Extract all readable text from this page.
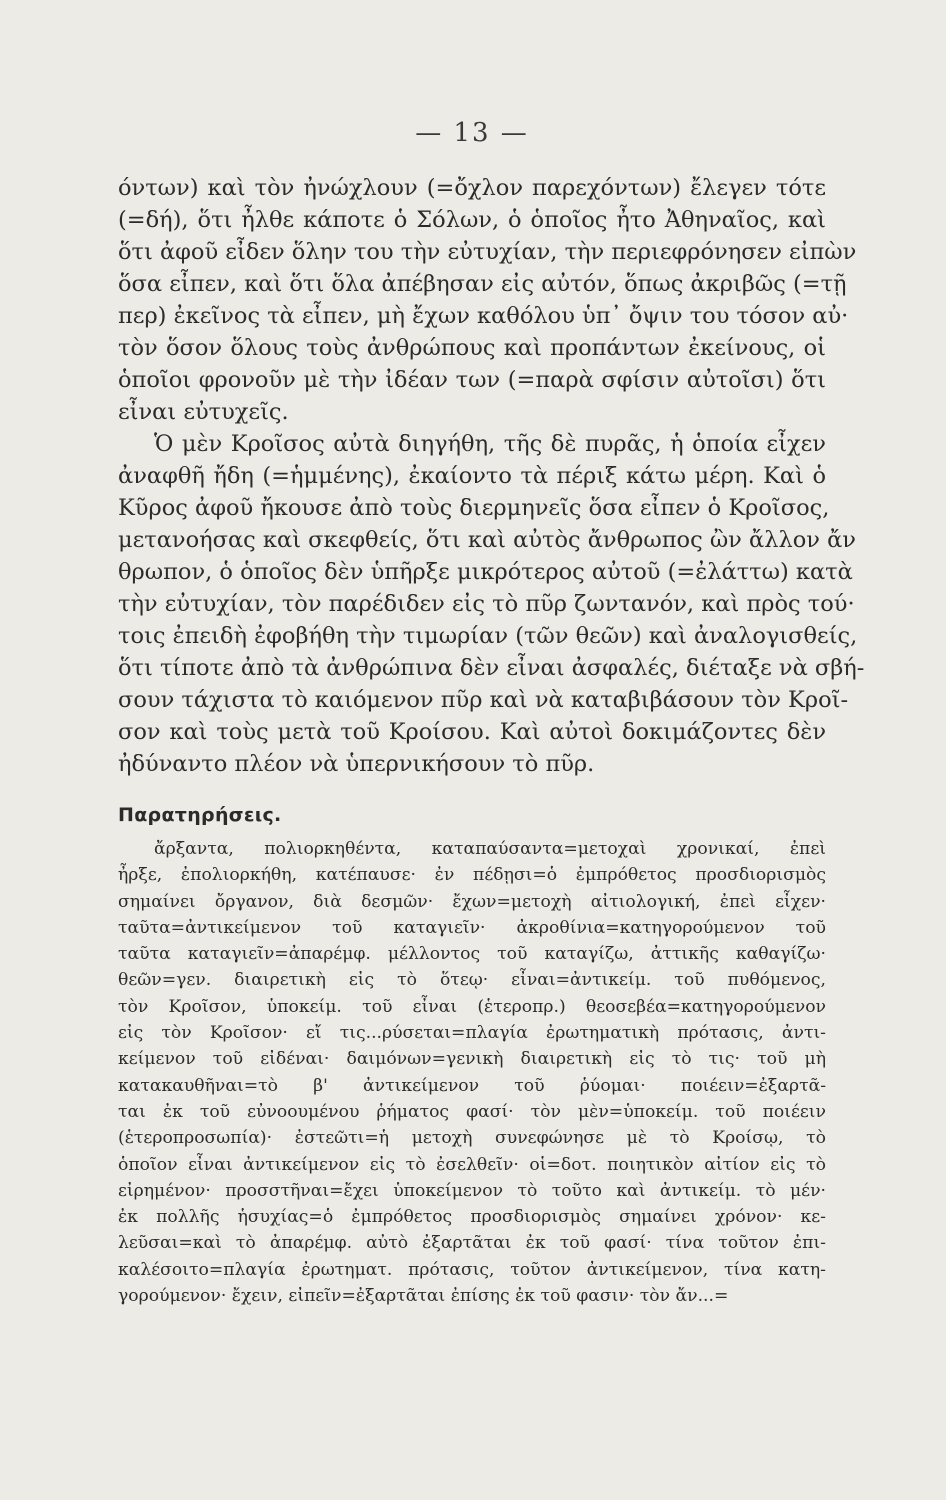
— 13 —
όντων) καὶ τὸν ἠνώχλουν (=ὄχλον παρεχόντων) ἔλεγεν τότε
(=δή), ὅτι ἦλθε κάποτε ὁ Σόλων, ὁ ὁποῖος ἦτο Ἀθηναῖος, καὶ
ὅτι ἀφοῦ εἶδεν ὅλην του τὴν εὐτυχίαν, τὴν περιεφρόνησεν εἰπὼν
ὅσα εἶπεν, καὶ ὅτι ὅλα ἀπέβησαν εἰς αὐτόν, ὅπως ἀκριβῶς (=τῇ
περ) ἐκεῖνος τὰ εἶπεν, μὴ ἔχων καθόλου ὑπ᾽ ὄψιν του τόσον αὐ·
τὸν ὅσον ὅλους τοὺς ἀνθρώπους καὶ προπάντων ἐκείνους, οἱ
ὁποῖοι φρονοῦν μὲ τὴν ἰδέαν των (=παρὰ σφίσιν αὐτοῖσι) ὅτι
εἶναι εὐτυχεῖς.
Ὁ μὲν Κροῖσος αὐτὰ διηγήθη, τῆς δὲ πυρᾶς, ἡ ὁποία εἶχεν
ἀναφθῆ ἤδη (=ἡμμένης), ἐκαίοντο τὰ πέριξ κάτω μέρη. Καὶ ὁ
Κῦρος ἀφοῦ ἤκουσε ἀπὸ τοὺς διερμηνεῖς ὅσα εἶπεν ὁ Κροῖσος,
μετανοήσας καὶ σκεφθείς, ὅτι καὶ αὐτὸς ἄνθρωπος ὢν ἄλλον ἄν
θρωπον, ὁ ὁποῖος δὲν ὑπῆρξε μικρότερος αὐτοῦ (=ἐλάττω) κατὰ
τὴν εὐτυχίαν, τὸν παρέδιδεν εἰς τὸ πῦρ ζωντανόν, καὶ πρὸς τού·
τοις ἐπειδὴ ἐφοβήθη τὴν τιμωρίαν (τῶν θεῶν) καὶ ἀναλογισθείς,
ὅτι τίποτε ἀπὸ τὰ ἀνθρώπινα δὲν εἶναι ἀσφαλές, διέταξε νὰ σβή-
σουν τάχιστα τὸ καιόμενον πῦρ καὶ νὰ καταβιβάσουν τὸν Κροῖ-
σον καὶ τοὺς μετὰ τοῦ Κροίσου. Καὶ αὐτοὶ δοκιμάζοντες δὲν
ἠδύναντο πλέον νὰ ὑπερνικήσουν τὸ πῦρ.
Παρατηρήσεις.
ἄρξαντα, πολιορκηθέντα, καταπαύσαντα=μετοχαὶ χρονικαί, ἐπεὶ
ἦρξε, ἐπολιορκήθη, κατέπαυσε· ἐν πέδῃσι=ὁ ἐμπρόθετος προσδιορισμὸς
σημαίνει ὄργανον, διὰ δεσμῶν· ἔχων=μετοχὴ αἰτιολογική, ἐπεὶ εἶχεν·
ταῦτα=ἀντικείμενον τοῦ καταγιεῖν· ἀκροθίνια=κατηγορούμενον τοῦ
ταῦτα καταγιεῖν=ἀπαρέμφ. μέλλοντος τοῦ καταγίζω, ἀττικῆς καθαγίζω·
θεῶν=γεν. διαιρετικὴ εἰς τὸ ὅτεῳ· εἶναι=ἀντικείμ. τοῦ πυθόμενος,
τὸν Κροῖσον, ὑποκείμ. τοῦ εἶναι (ἑτεροπρ.) θεοσεβέα=κατηγορούμενον
εἰς τὸν Κροῖσον· εἴ τις...ρύσεται=πλαγία ἐρωτηματικὴ πρότασις, ἀντι-
κείμενον τοῦ εἰδέναι· δαιμόνων=γενικὴ διαιρετικὴ εἰς τὸ τις· τοῦ μὴ
κατακαυθῆναι=τὸ β' ἀντικείμενον τοῦ ῥύομαι· ποιέειν=ἐξαρτᾶ-
ται ἐκ τοῦ εὐνοουμένου ῥήματος φασί· τὸν μὲν=ὑποκείμ. τοῦ ποιέειν
(ἑτεροπροσωπία)· ἐστεῶτι=ἡ μετοχὴ συνεφώνησε μὲ τὸ Κροίσῳ, τὸ
ὁποῖον εἶναι ἀντικείμενον εἰς τὸ ἐσελθεῖν· οἱ=δοτ. ποιητικὸν αἰτίον εἰς τὸ
εἰρημένον· προσστῆναι=ἔχει ὑποκείμενον τὸ τοῦτο καὶ ἀντικείμ. τὸ μέν·
ἐκ πολλῆς ἡσυχίας=ὁ ἐμπρόθετος προσδιορισμὸς σημαίνει χρόνον· κε-
λεῦσαι=καὶ τὸ ἀπαρέμφ. αὐτὸ ἐξαρτᾶται ἐκ τοῦ φασί· τίνα τοῦτον ἐπι-
καλέσοιτο=πλαγία ἐρωτηματ. πρότασις, τοῦτον ἀντικείμενον, τίνα κατη-
γορούμενον· ἔχειν, εἰπεῖν=ἐξαρτᾶται ἐπίσης ἐκ τοῦ φασιν· τὸν ἄν...=
